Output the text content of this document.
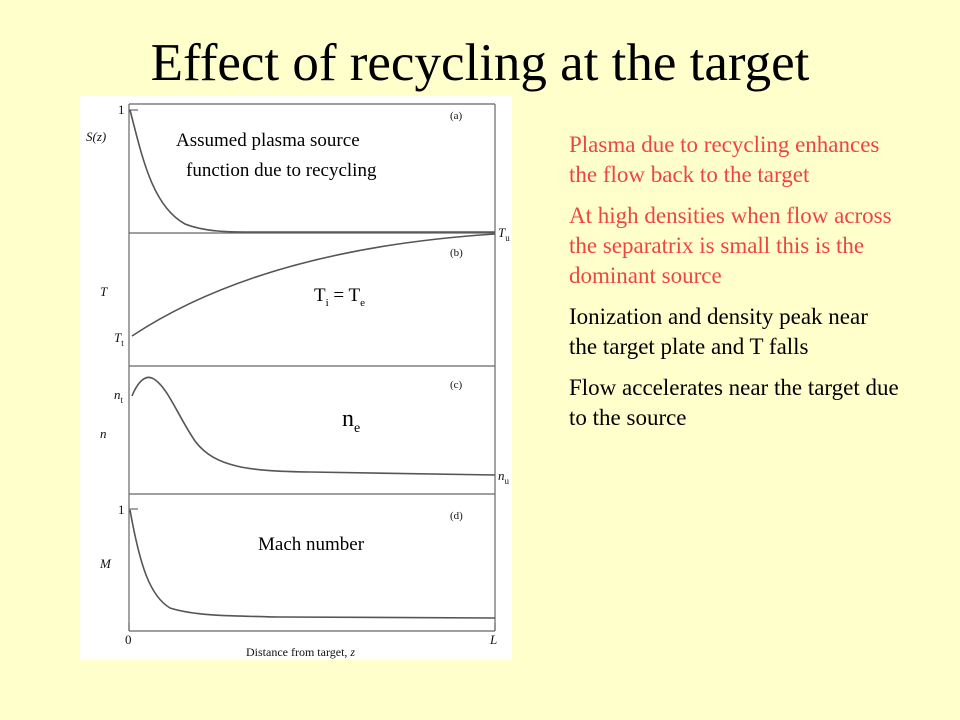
Effect of recycling at the target
(a)
(b)
(c)
(d)
S(z)
T
n
M
1
1
$T_t$
$T_u$
$n_t$
$n_u$
0	L
Distance from target, z
Assumed plasma source
function due to recycling
$T_i = T_e$
$n_e$
Mach number
Plasma due to recycling enhances the flow back to the target
At high densities when flow across the separatrix is small this is the dominant source
Ionization and density peak near the target plate and T falls
Flow accelerates near the target due to the source
